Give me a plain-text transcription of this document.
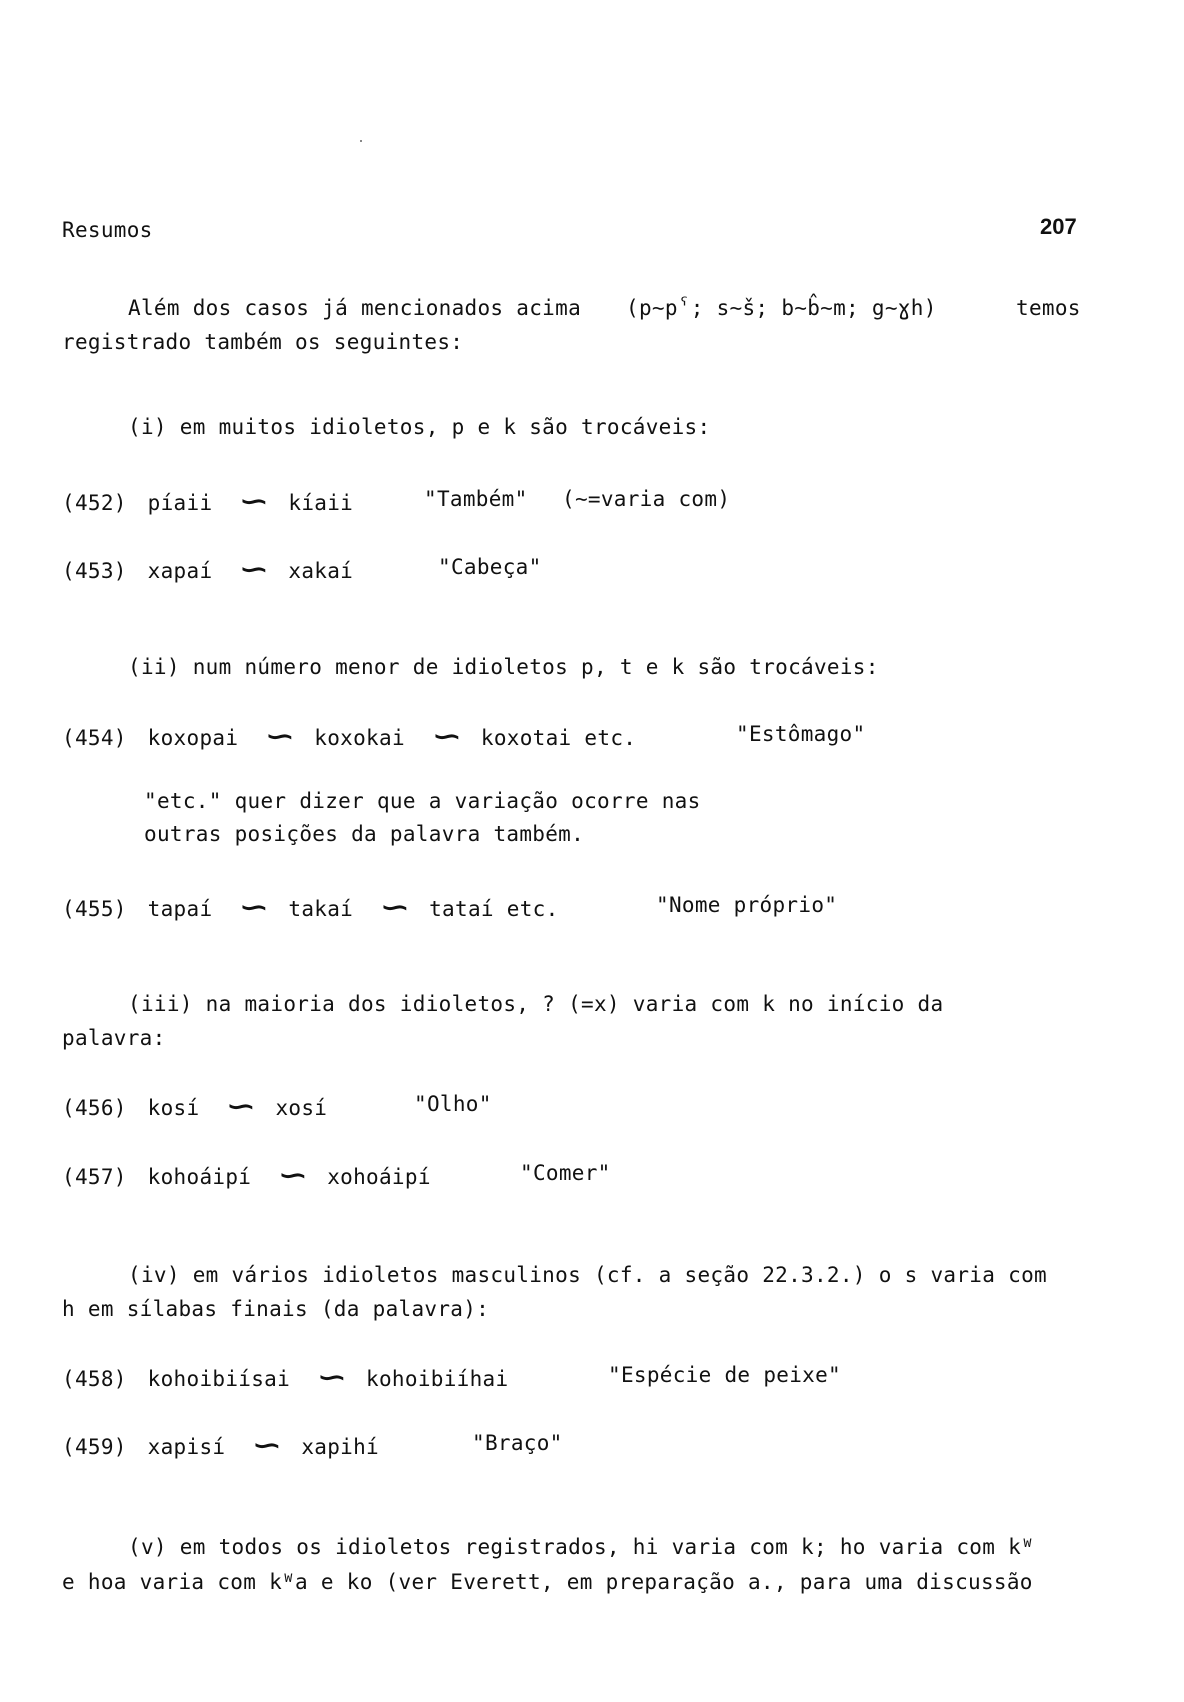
Resumos	207
Além dos casos já mencionados acima (p∼pˁ; s∼š; b∼b̂∼m; g∼ɣh)	temos
registrado também os seguintes:
(i) em muitos idioletos, p e k são trocáveis:
(452) píaii ∽ kíaii	"Também" (∼=varia com)
(453) xapaí ∽ xakaí	"Cabeça"
(ii) num número menor de idioletos p, t e k são trocáveis:
(454) koxopai ∽ koxokai ∽ koxotai etc.	"Estômago"
"etc." quer dizer que a variação ocorre nas
outras posições da palavra também.
(455) tapaí ∽ takaí ∽ tataí etc.	"Nome próprio"
(iii) na maioria dos idioletos, ? (=x) varia com k no início da
palavra:
(456) kosí ∽ xosí	"Olho"
(457) kohoáipí ∽ xohoáipí	"Comer"
(iv) em vários idioletos masculinos (cf. a seção 22.3.2.) o s varia com
h em sílabas finais (da palavra):
(458) kohoibiísai ∽ kohoibiíhai	"Espécie de peixe"
(459) xapisí ∽ xapihí	"Braço"
(v) em todos os idioletos registrados, hi varia com k; ho varia com kᵂ
e hoa varia com kᵂa e ko (ver Everett, em preparação a., para uma discussão
